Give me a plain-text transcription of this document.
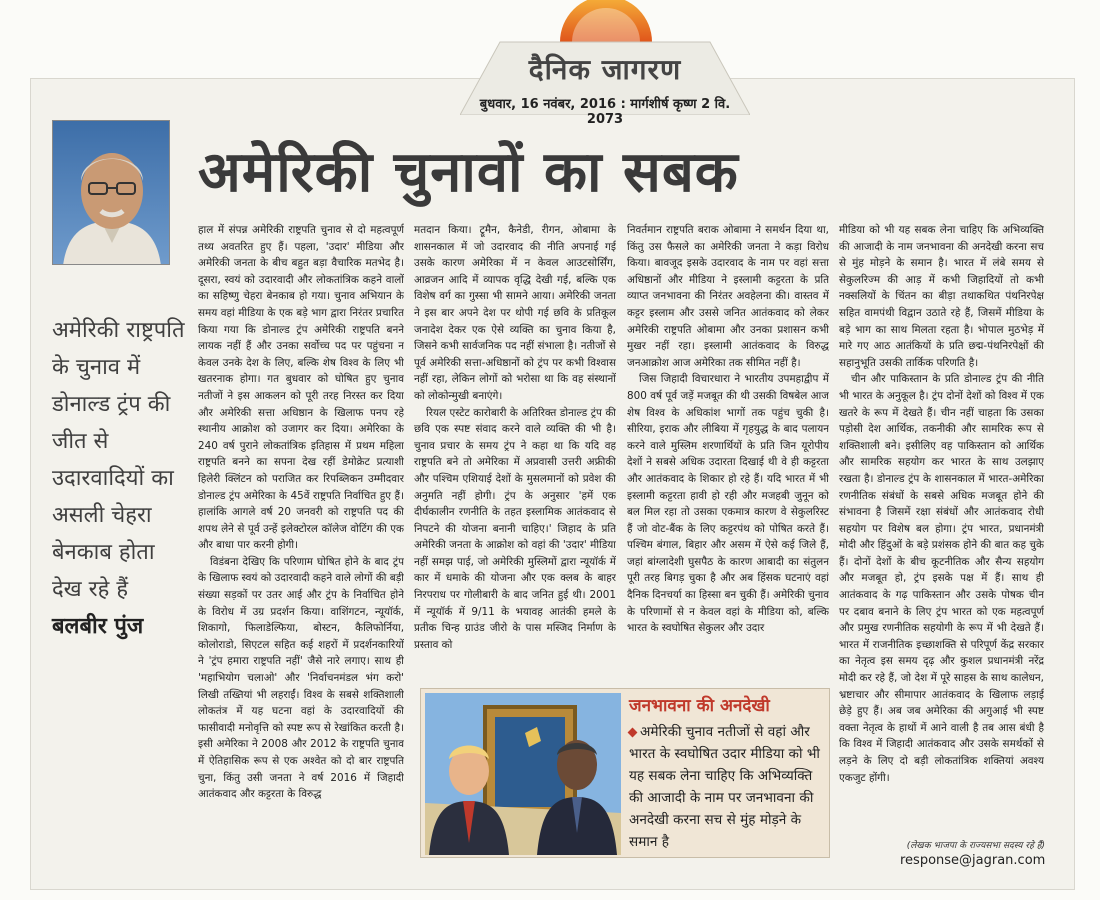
दैनिक जागरण
बुधवार, 16 नवंबर, 2016 : मार्गशीर्ष कृष्ण 2 वि. 2073
अमेरिकी चुनावों का सबक
अमेरिकी राष्ट्रपति के चुनाव में डोनाल्ड ट्रंप की जीत से उदारवादियों का असली चेहरा बेनकाब होता देख रहे हैं बलबीर पुंज

हाल में संपन्न अमेरिकी राष्ट्रपति चुनाव से दो महत्वपूर्ण तथ्य अवतरित हुए हैं। पहला, 'उदार' मीडिया और अमेरिकी जनता के बीच बहुत बड़ा वैचारिक मतभेद है। दूसरा, स्वयं को उदारवादी और लोकतांत्रिक कहने वालों का सहिष्णु चेहरा बेनकाब हो गया। चुनाव अभियान के समय वहां मीडिया के एक बड़े भाग द्वारा निरंतर प्रचारित किया गया कि डोनाल्ड ट्रंप अमेरिकी राष्ट्रपति बनने लायक नहीं हैं और उनका सर्वोच्च पद पर पहुंचना न केवल उनके देश के लिए, बल्कि शेष विश्व के लिए भी खतरनाक होगा। गत बुधवार को घोषित हुए चुनाव नतीजों ने इस आकलन को पूरी तरह निरस्त कर दिया और अमेरिकी सत्ता अधिष्ठान के खिलाफ पनप रहे स्थानीय आक्रोश को उजागर कर दिया। अमेरिका के 240 वर्ष पुराने लोकतांत्रिक इतिहास में प्रथम महिला राष्ट्रपति बनने का सपना देख रहीं डेमोक्रेट प्रत्याशी हिलेरी क्लिंटन को पराजित कर रिपब्लिकन उम्मीदवार डोनाल्ड ट्रंप अमेरिका के 45वें राष्ट्रपति निर्वाचित हुए हैं। हालांकि आगले वर्ष 20 जनवरी को राष्ट्रपति पद की शपथ लेने से पूर्व उन्हें इलेक्टोरल कॉलेज वोटिंग की एक और बाधा पार करनी होगी।

विडंबना देखिए कि परिणाम घोषित होने के बाद ट्रंप के खिलाफ स्वयं को उदारवादी कहने वाले लोगों की बड़ी संख्या सड़कों पर उतर आई और ट्रंप के निर्वाचित होने के विरोध में उग्र प्रदर्शन किया। वाशिंगटन, न्यूयॉर्क, शिकागो, फिलाडेल्फिया, बोस्टन, कैलिफोर्निया, कोलोराडो, सिएटल सहित कई शहरों में प्रदर्शनकारियों ने 'ट्रंप हमारा राष्ट्रपति नहीं' जैसे नारे लगाए। साथ ही 'महाभियोग चलाओ' और 'निर्वाचनमंडल भंग करो' लिखी तख्तियां भी लहराईं। विश्व के सबसे शक्तिशाली लोकतंत्र में यह घटना वहां के उदारवादियों की फासीवादी मनोवृत्ति को स्पष्ट रूप से रेखांकित करती है। इसी अमेरिका ने 2008 और 2012 के राष्ट्रपति चुनाव में ऐतिहासिक रूप से एक अश्वेत को दो बार राष्ट्रपति चुना, किंतु उसी जनता ने वर्ष 2016 में जिहादी आतंकवाद और कट्टरता के विरुद्ध

मतदान किया। ट्रूमैन, कैनेडी, रीगन, ओबामा के शासनकाल में जो उदारवाद की नीति अपनाई गई उसके कारण अमेरिका में न केवल आउटसोर्सिंग, आव्रजन आदि में व्यापक वृद्धि देखी गई, बल्कि एक विशेष वर्ग का गुस्सा भी सामने आया। अमेरिकी जनता ने इस बार अपने देश पर थोपी गई छवि के प्रतिकूल जनादेश देकर एक ऐसे व्यक्ति का चुनाव किया है, जिसने कभी सार्वजनिक पद नहीं संभाला है। नतीजों से पूर्व अमेरिकी सत्ता-अधिष्ठानों को ट्रंप पर कभी विश्वास नहीं रहा, लेकिन लोगों को भरोसा था कि वह संस्थानों को लोकोन्मुखी बनाएंगे।

रियल एस्टेट कारोबारी के अतिरिक्त डोनाल्ड ट्रंप की छवि एक स्पष्ट संवाद करने वाले व्यक्ति की भी है। चुनाव प्रचार के समय ट्रंप ने कहा था कि यदि वह राष्ट्रपति बने तो अमेरिका में अप्रवासी उत्तरी अफ्रीकी और पश्चिम एशियाई देशों के मुसलमानों को प्रवेश की अनुमति नहीं होगी। ट्रंप के अनुसार 'हमें एक दीर्घकालीन रणनीति के तहत इस्लामिक आतंकवाद से निपटने की योजना बनानी चाहिए।' जिहाद के प्रति अमेरिकी जनता के आक्रोश को वहां की 'उदार' मीडिया नहीं समझ पाई, जो अमेरिकी मुस्लिमों द्वारा न्यूयॉर्क में कार में धमाके की योजना और एक क्लब के बाहर निरपराध पर गोलीबारी के बाद जनित हुई थी। 2001 में न्यूयॉर्क में 9/11 के भयावह आतंकी हमले के प्रतीक चिन्ह ग्राउंड जीरो के पास मस्जिद निर्माण के प्रस्ताव को

निवर्तमान राष्ट्रपति बराक ओबामा ने समर्थन दिया था, किंतु उस फैसले का अमेरिकी जनता ने कड़ा विरोध किया। बावजूद इसके उदारवाद के नाम पर वहां सत्ता अधिष्ठानों और मीडिया ने इस्लामी कट्टरता के प्रति व्याप्त जनभावना की निरंतर अवहेलना की। वास्तव में कट्टर इस्लाम और उससे जनित आतंकवाद को लेकर अमेरिकी राष्ट्रपति ओबामा और उनका प्रशासन कभी मुखर नहीं रहा। इस्लामी आतंकवाद के विरुद्ध जनआक्रोश आज अमेरिका तक सीमित नहीं है।

जिस जिहादी विचारधारा ने भारतीय उपमहाद्वीप में 800 वर्ष पूर्व जड़ें मजबूत की थी उसकी विषबेल आज शेष विश्व के अधिकांश भागों तक पहुंच चुकी है। सीरिया, इराक और लीबिया में गृहयुद्ध के बाद पलायन करने वाले मुस्लिम शरणार्थियों के प्रति जिन यूरोपीय देशों ने सबसे अधिक उदारता दिखाई थी वे ही कट्टरता और आतंकवाद के शिकार हो रहे हैं। यदि भारत में भी इस्लामी कट्टरता हावी हो रही और मजहबी जुनून को बल मिल रहा तो उसका एकमात्र कारण वे सेकुलरिस्ट हैं जो वोट-बैंक के लिए कट्टरपंथ को पोषित करते हैं। पश्चिम बंगाल, बिहार और असम में ऐसे कई जिले हैं, जहां बांग्लादेशी घुसपैठ के कारण आबादी का संतुलन पूरी तरह बिगड़ चुका है और अब हिंसक घटनाएं वहां दैनिक दिनचर्या का हिस्सा बन चुकी हैं। अमेरिकी चुनाव के परिणामों से न केवल वहां के मीडिया को, बल्कि भारत के स्वघोषित सेकुलर और उदार

मीडिया को भी यह सबक लेना चाहिए कि अभिव्यक्ति की आजादी के नाम जनभावना की अनदेखी करना सच से मुंह मोड़ने के समान है। भारत में लंबे समय से सेकुलरिज्म की आड़ में कभी जिहादियों तो कभी नक्सलियों के चिंतन का बीड़ा तथाकथित पंथनिरपेक्ष सहित वामपंथी विद्वान उठाते रहे हैं, जिसमें मीडिया के बड़े भाग का साथ मिलता रहता है। भोपाल मुठभेड़ में मारे गए आठ आतंकियों के प्रति छद्म-पंथनिरपेक्षों की सहानुभूति उसकी तार्किक परिणति है।

चीन और पाकिस्तान के प्रति डोनाल्ड ट्रंप की नीति भी भारत के अनुकूल है। ट्रंप दोनों देशों को विश्व में एक खतरे के रूप में देखते हैं। चीन नहीं चाहता कि उसका पड़ोसी देश आर्थिक, तकनीकी और सामरिक रूप से शक्तिशाली बने। इसीलिए वह पाकिस्तान को आर्थिक और सामरिक सहयोग कर भारत के साथ उलझाए रखता है। डोनाल्ड ट्रंप के शासनकाल में भारत-अमेरिका रणनीतिक संबंधों के सबसे अधिक मजबूत होने की संभावना है जिसमें रक्षा संबंधों और आतंकवाद रोधी सहयोग पर विशेष बल होगा। ट्रंप भारत, प्रधानमंत्री मोदी और हिंदुओं के बड़े प्रशंसक होने की बात कह चुके हैं। दोनों देशों के बीच कूटनीतिक और सैन्य सहयोग और मजबूत हो, ट्रंप इसके पक्ष में हैं। साथ ही आतंकवाद के गढ़ पाकिस्तान और उसके पोषक चीन पर दबाव बनाने के लिए ट्रंप भारत को एक महत्वपूर्ण और प्रमुख रणनीतिक सहयोगी के रूप में भी देखते हैं। भारत में राजनीतिक इच्छाशक्ति से परिपूर्ण केंद्र सरकार का नेतृत्व इस समय दृढ़ और कुशल प्रधानमंत्री नरेंद्र मोदी कर रहे हैं, जो देश में पूरे साहस के साथ कालेधन, भ्रष्टाचार और सीमापार आतंकवाद के खिलाफ लड़ाई छेड़े हुए हैं। अब जब अमेरिका की अगुआई भी स्पष्ट वक्ता नेतृत्व के हाथों में आने वाली है तब आस बंधी है कि विश्व में जिहादी आतंकवाद और उसके समर्थकों से लड़ने के लिए दो बड़ी लोकतांत्रिक शक्तियां अवश्य एकजुट होंगी।

जनभावना की अनदेखी
अमेरिकी चुनाव नतीजों से वहां और भारत के स्वघोषित उदार मीडिया को भी यह सबक लेना चाहिए कि अभिव्यक्ति की आजादी के नाम पर जनभावना की अनदेखी करना सच से मुंह मोड़ने के समान है	(लेखक भाजपा के राज्यसभा सदस्य रहे हैं)
response@jagran.com
